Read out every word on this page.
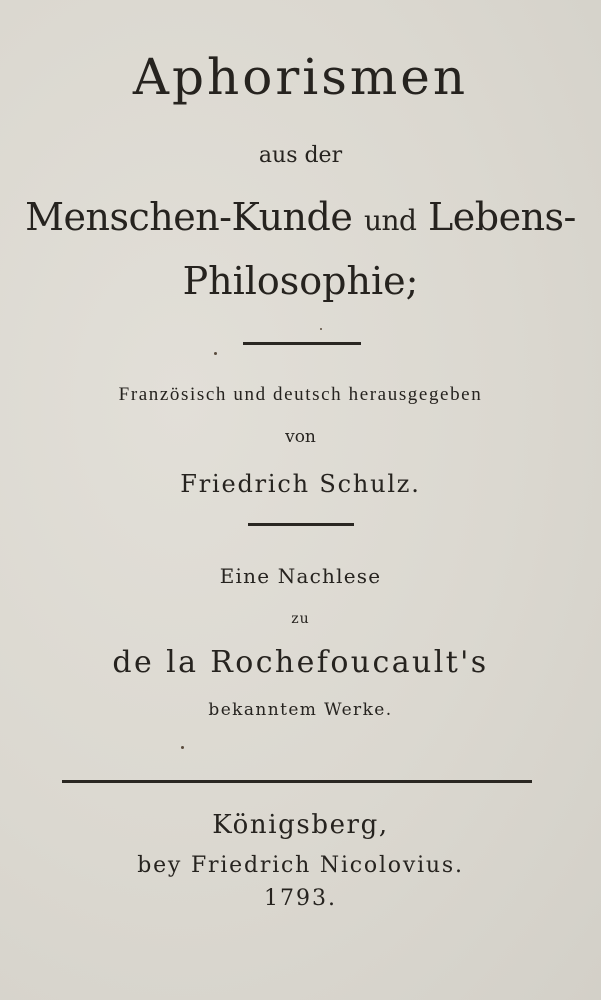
Aphorismen
aus der
Menschen-Kunde und Lebens-
Philosophie;
Französisch und deutsch herausgegeben
von
Friedrich Schulz.
Eine Nachlese
zu
de la Rochefoucault's
bekanntem Werke.
Königsberg,
bey Friedrich Nicolovius.
1793.
